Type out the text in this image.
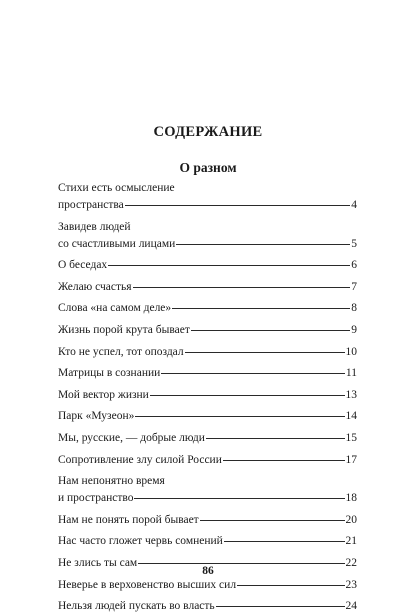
СОДЕРЖАНИЕ
О разном
Стихи есть осмысление
пространства	4
Завидев людей
со счастливыми лицами	5
О беседах	6
Желаю счастья	7
Слова «на самом деле»	8
Жизнь порой крута бывает	9
Кто не успел, тот опоздал	10
Матрицы в сознании	11
Мой вектор жизни	13
Парк «Музеон»	14
Мы, русские, — добрые люди	15
Сопротивление злу силой России	17
Нам непонятно время
и пространство	18
Нам не понять порой бывает	20
Нас часто гложет червь сомнений	21
Не злись ты сам	22
Неверье в верховенство высших сил	23
Нельзя людей пускать во власть	24
86
